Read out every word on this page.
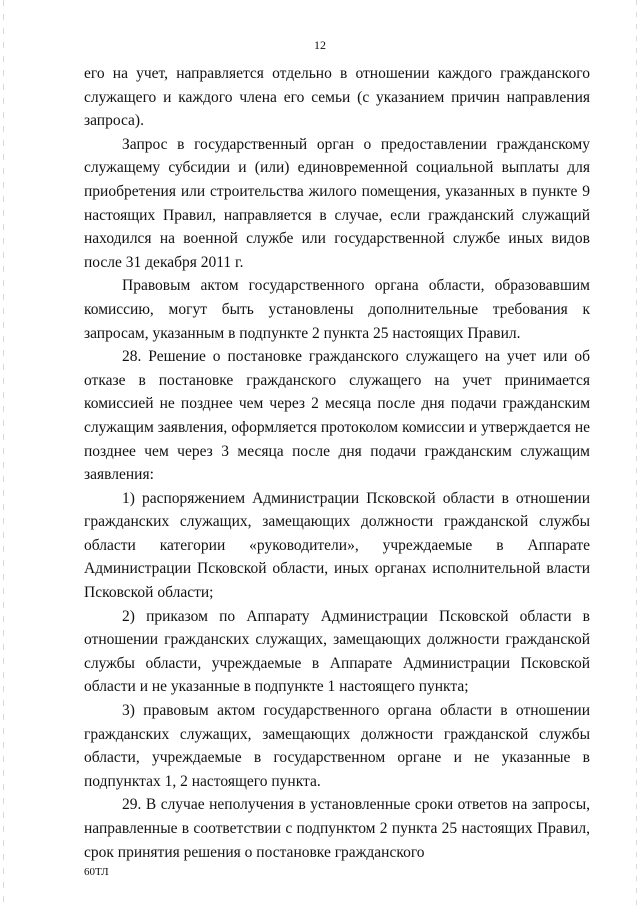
12

его на учет, направляется отдельно в отношении каждого гражданского служащего и каждого члена его семьи (с указанием причин направления запроса).

Запрос в государственный орган о предоставлении гражданскому служащему субсидии и (или) единовременной социальной выплаты для приобретения или строительства жилого помещения, указанных в пункте 9 настоящих Правил, направляется в случае, если гражданский служащий находился на военной службе или государственной службе иных видов после 31 декабря 2011 г.

Правовым актом государственного органа области, образовавшим комиссию, могут быть установлены дополнительные требования к запросам, указанным в подпункте 2 пункта 25 настоящих Правил.

28. Решение о постановке гражданского служащего на учет или об отказе в постановке гражданского служащего на учет принимается комиссией не позднее чем через 2 месяца после дня подачи гражданским служащим заявления, оформляется протоколом комиссии и утверждается не позднее чем через 3 месяца после дня подачи гражданским служащим заявления:

1) распоряжением Администрации Псковской области в отношении гражданских служащих, замещающих должности гражданской службы области категории «руководители», учреждаемые в Аппарате Администрации Псковской области, иных органах исполнительной власти Псковской области;

2) приказом по Аппарату Администрации Псковской области в отношении гражданских служащих, замещающих должности гражданской службы области, учреждаемые в Аппарате Администрации Псковской области и не указанные в подпункте 1 настоящего пункта;

3) правовым актом государственного органа области в отношении гражданских служащих, замещающих должности гражданской службы области, учреждаемые в государственном органе и не указанные в подпунктах 1, 2 настоящего пункта.

29. В случае неполучения в установленные сроки ответов на запросы, направленные в соответствии с подпунктом 2 пункта 25 настоящих Правил, срок принятия решения о постановке гражданского

60ТЛ
